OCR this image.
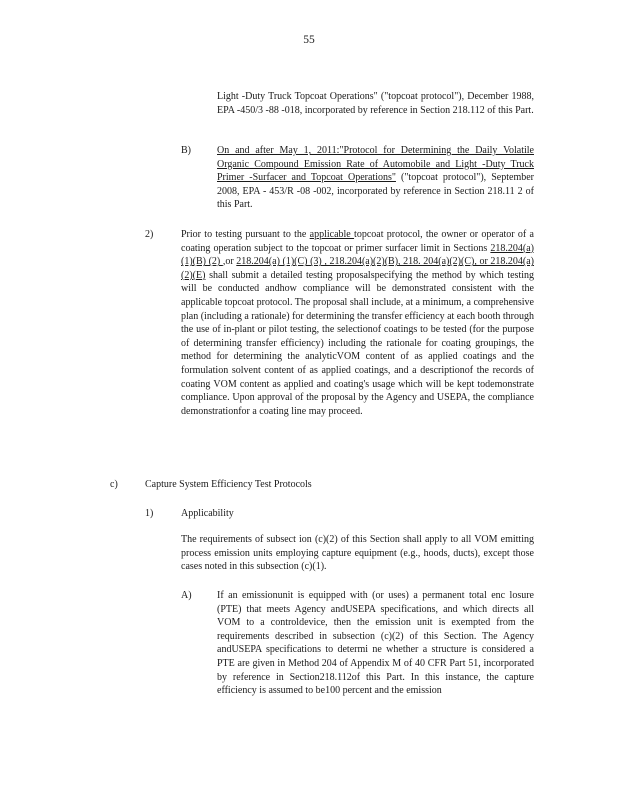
55

Light -Duty Truck Topcoat Operations" ("topcoat protocol"), December 1988, EPA -450/3 -88 -018, incorporated by reference in Section 218.112 of this Part.

B)	On and after May 1, 2011:"Protocol for Determining the Daily Volatile Organic Compound Emission Rate of Automobile and Light -Duty Truck Primer -Surfacer and Topcoat Operations" ("topcoat protocol"), September 2008, EPA - 453/R -08 -002, incorporated by reference in Section 218.11 2 of this Part.

2)	Prior to testing pursuant to the applicable topcoat protocol, the owner or operator of a coating operation subject to the topcoat or primer surfacer limit in Sections 218.204(a) (1)(B) (2) ,or 218.204(a) (1)(C) (3) , 218.204(a)(2)(B), 218. 204(a)(2)(C), or 218.204(a)(2)(E) shall submit a detailed testing proposalspecifying the method by which testing will be conducted andhow compliance will be demonstrated consistent with the applicable topcoat protocol. The proposal shall include, at a minimum, a comprehensive plan (including a rationale) for determining the transfer efficiency at each booth through the use of in-plant or pilot testing, the selectionof coatings to be tested (for the purpose of determining transfer efficiency) including the rationale for coating groupings, the method for determining the analyticVOM content of as applied coatings and the formulation solvent content of as applied coatings, and a descriptionof the records of coating VOM content as applied and coating's usage which will be kept todemonstrate compliance. Upon approval of the proposal by the Agency and USEPA, the compliance demonstrationfor a coating line may proceed.

c)	Capture System Efficiency Test Protocols
1)	Applicability

The requirements of subsect ion (c)(2) of this Section shall apply to all VOM emitting process emission units employing capture equipment (e.g., hoods, ducts), except those cases noted in this subsection (c)(1).

A)	If an emissionunit is equipped with (or uses) a permanent total enc losure (PTE) that meets Agency andUSEPA specifications, and which directs all VOM to a controldevice, then the emission unit is exempted from the requirements described in subsection (c)(2) of this Section. The Agency andUSEPA specifications to determi ne whether a structure is considered a PTE are given in Method 204 of Appendix M of 40 CFR Part 51, incorporated by reference in Section218.112of this Part. In this instance, the capture efficiency is assumed to be100 percent and the emission
